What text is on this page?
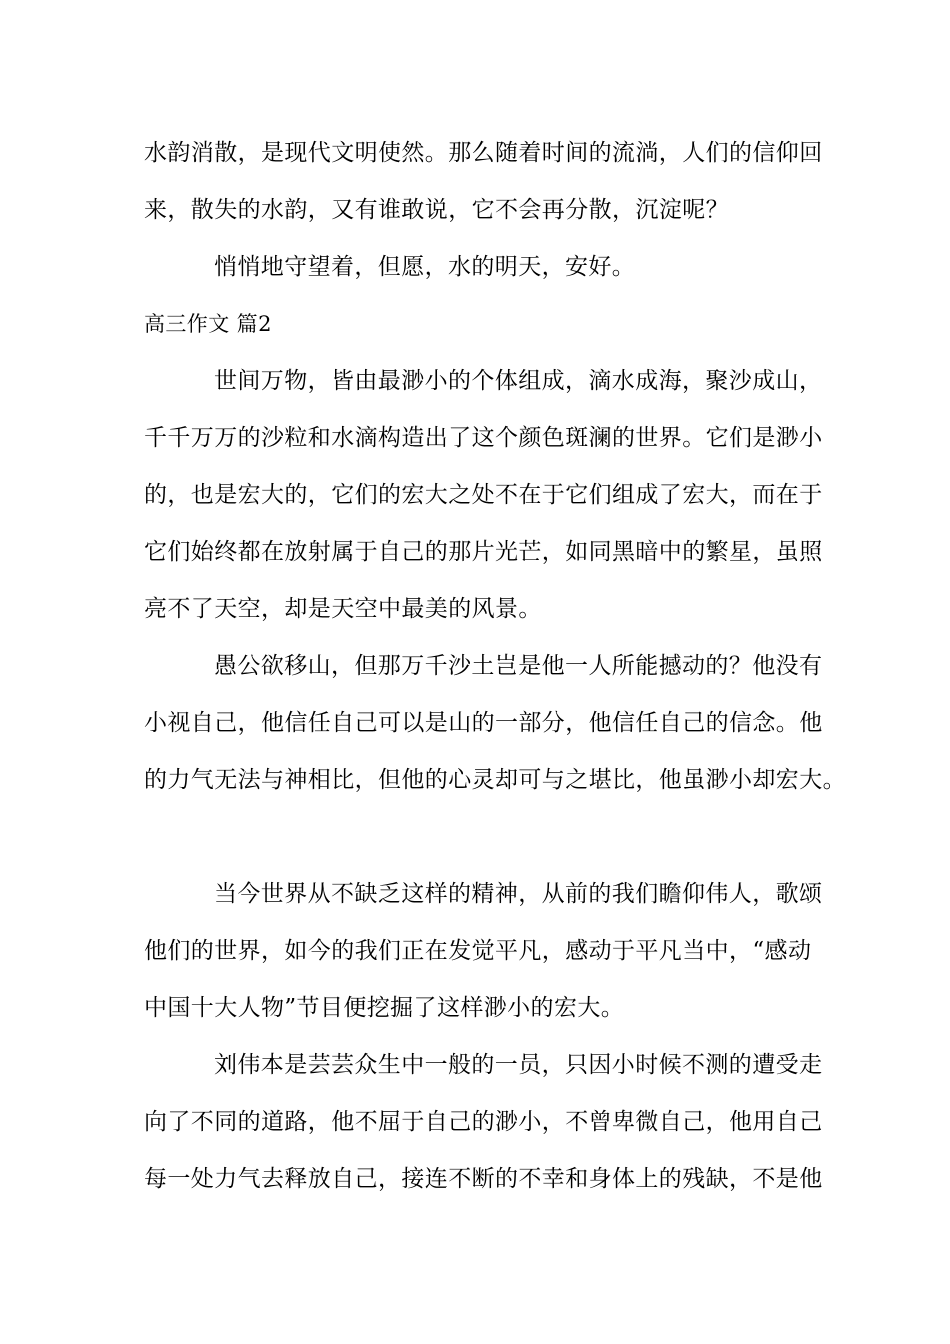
水韵消散，是现代文明使然。那么随着时间的流淌，人们的信仰回
来，散失的水韵，又有谁敢说，它不会再分散，沉淀呢？
悄悄地守望着，但愿，水的明天，安好。
高三作文 篇2
世间万物，皆由最渺小的个体组成，滴水成海，聚沙成山，
千千万万的沙粒和水滴构造出了这个颜色斑澜的世界。它们是渺小
的，也是宏大的，它们的宏大之处不在于它们组成了宏大，而在于
它们始终都在放射属于自己的那片光芒，如同黑暗中的繁星，虽照
亮不了天空，却是天空中最美的风景。
愚公欲移山，但那万千沙土岂是他一人所能撼动的？他没有
小视自己，他信任自己可以是山的一部分，他信任自己的信念。他
的力气无法与神相比，但他的心灵却可与之堪比，他虽渺小却宏大。
当今世界从不缺乏这样的精神，从前的我们瞻仰伟人，歌颂
他们的世界，如今的我们正在发觉平凡，感动于平凡当中，“感动
中国十大人物”节目便挖掘了这样渺小的宏大。
刘伟本是芸芸众生中一般的一员，只因小时候不测的遭受走
向了不同的道路，他不屈于自己的渺小，不曾卑微自己，他用自己
每一处力气去释放自己，接连不断的不幸和身体上的残缺，不是他
